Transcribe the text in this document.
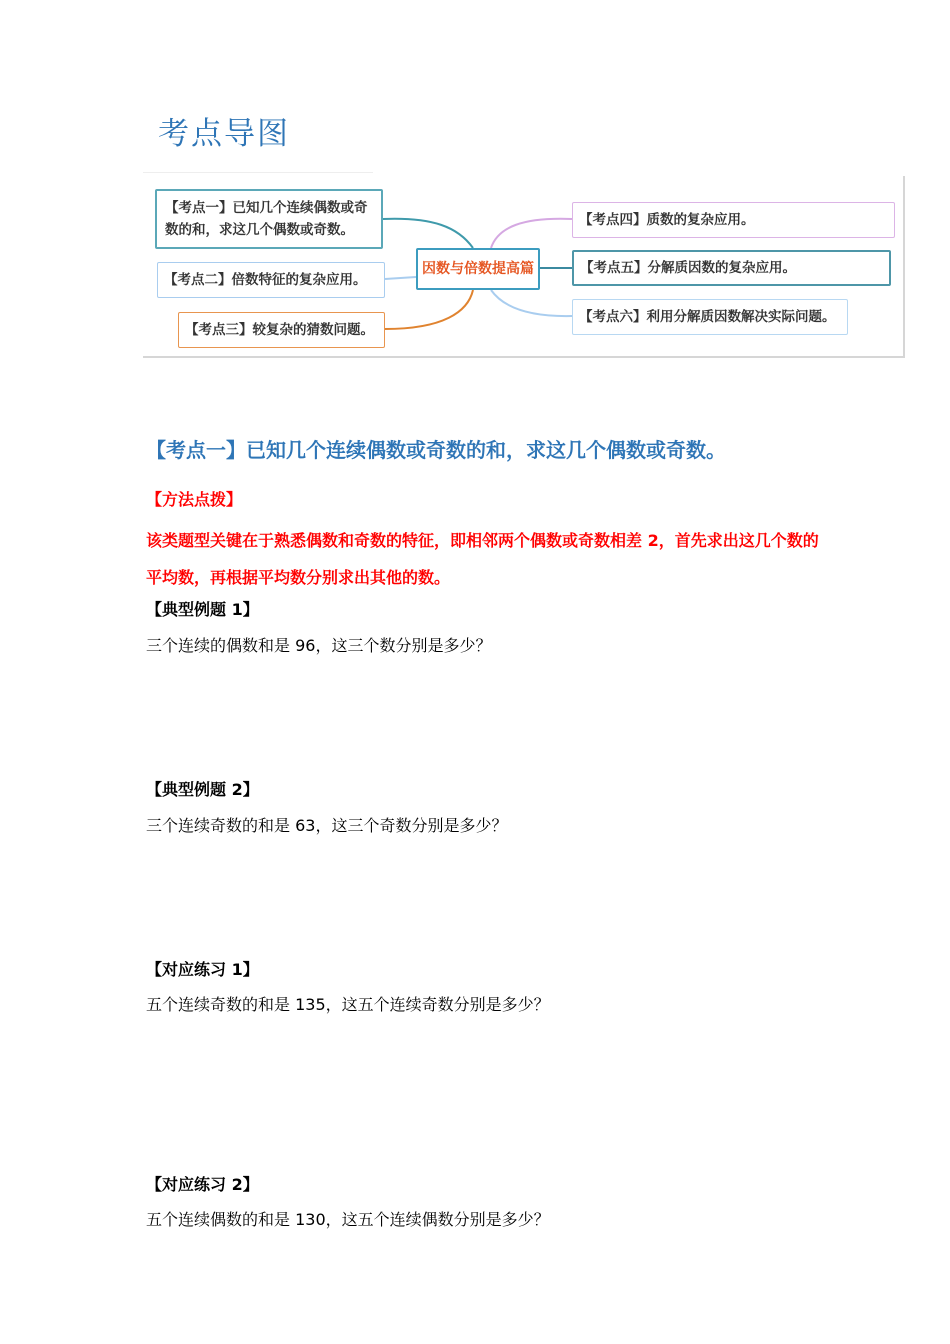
考点导图
【考点一】已知几个连续偶数或奇数的和，求这几个偶数或奇数。
【考点二】倍数特征的复杂应用。
【考点三】较复杂的猜数问题。
因数与倍数提高篇
【考点四】质数的复杂应用。
【考点五】分解质因数的复杂应用。
【考点六】利用分解质因数解决实际问题。
【考点一】已知几个连续偶数或奇数的和，求这几个偶数或奇数。
【方法点拨】
该类题型关键在于熟悉偶数和奇数的特征，即相邻两个偶数或奇数相差 2，首先求出这几个数的平均数，再根据平均数分别求出其他的数。
【典型例题 1】
三个连续的偶数和是 96，这三个数分别是多少？
【典型例题 2】
三个连续奇数的和是 63，这三个奇数分别是多少？
【对应练习 1】
五个连续奇数的和是 135，这五个连续奇数分别是多少？
【对应练习 2】
五个连续偶数的和是 130，这五个连续偶数分别是多少？
